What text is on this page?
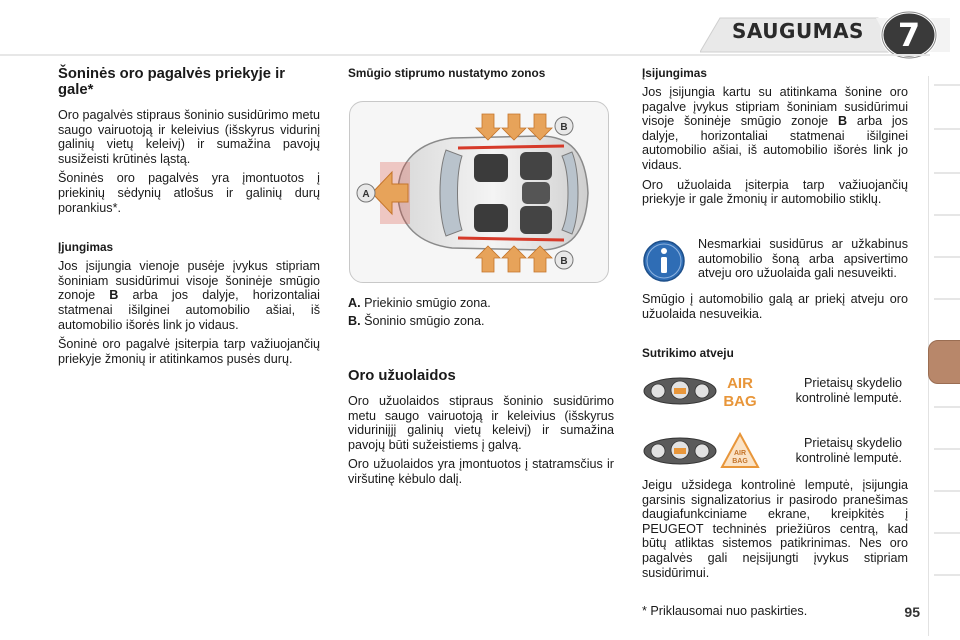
SAUGUMAS	7
Šoninės oro pagalvės priekyje ir gale*

Oro pagalvės stipraus šoninio susidūrimo metu saugo vairuotoją ir keleivius (išskyrus vidurinį galinių vietų keleivį) ir sumažina pavojų susižeisti krūtinės ląstą.

Šoninės oro pagalvės yra įmontuotos į priekinių sėdynių atlošus ir galinių durų porankius*.

Įjungimas

Jos įsijungia vienoje pusėje įvykus stipriam šoniniam susidūrimui visoje šoninėje smūgio zonoje B arba jos dalyje, horizontaliai statmenai išilginei automobilio ašiai, iš automobilio išorės link jo vidaus.

Šoninė oro pagalvė įsiterpia tarp važiuojančių priekyje žmonių ir atitinkamos pusės durų.

Smūgio stiprumo nustatymo zonos
A
B
B
A. Priekinio smūgio zona.
B. Šoninio smūgio zona.
Oro užuolaidos

Oro užuolaidos stipraus šoninio susidūrimo metu saugo vairuotoją ir keleivius (išskyrus viduriniįjį galinių vietų keleivį) ir sumažina pavojų būti sužeistiems į galvą.

Oro užuolaidos yra įmontuotos į statramsčius ir viršutinę kėbulo dalį.

Įsijungimas

Jos įsijungia kartu su atitinkama šonine oro pagalve įvykus stipriam šoniniam susidūrimui visoje šoninėje smūgio zonoje B arba jos dalyje, horizontaliai statmenai išilginei automobilio ašiai, iš automobilio išorės link jo vidaus.

Oro užuolaida įsiterpia tarp važiuojančių priekyje ir gale žmonių ir automobilio stiklų.

Nesmarkiai susidūrus ar užkabinus automobilio šoną arba apsivertimo atveju oro užuolaida gali nesuveikti.

Smūgio į automobilio galą ar priekį atveju oro užuolaida nesuveikia.

Sutrikimo atveju
AIR
BAG
Prietaisų skydelio kontrolinė lemputė.
AIR
BAG
Prietaisų skydelio kontrolinė lemputė.

Jeigu užsidega kontrolinė lemputė, įsijungia garsinis signalizatorius ir pasirodo pranešimas daugiafunkciniame ekrane, kreipkitės į PEUGEOT techninės priežiūros centrą, kad būtų atliktas sistemos patikrinimas. Nes oro pagalvės gali neįsijungti įvykus stipriam susidūrimui.

* Priklausomai nuo paskirties.	95
